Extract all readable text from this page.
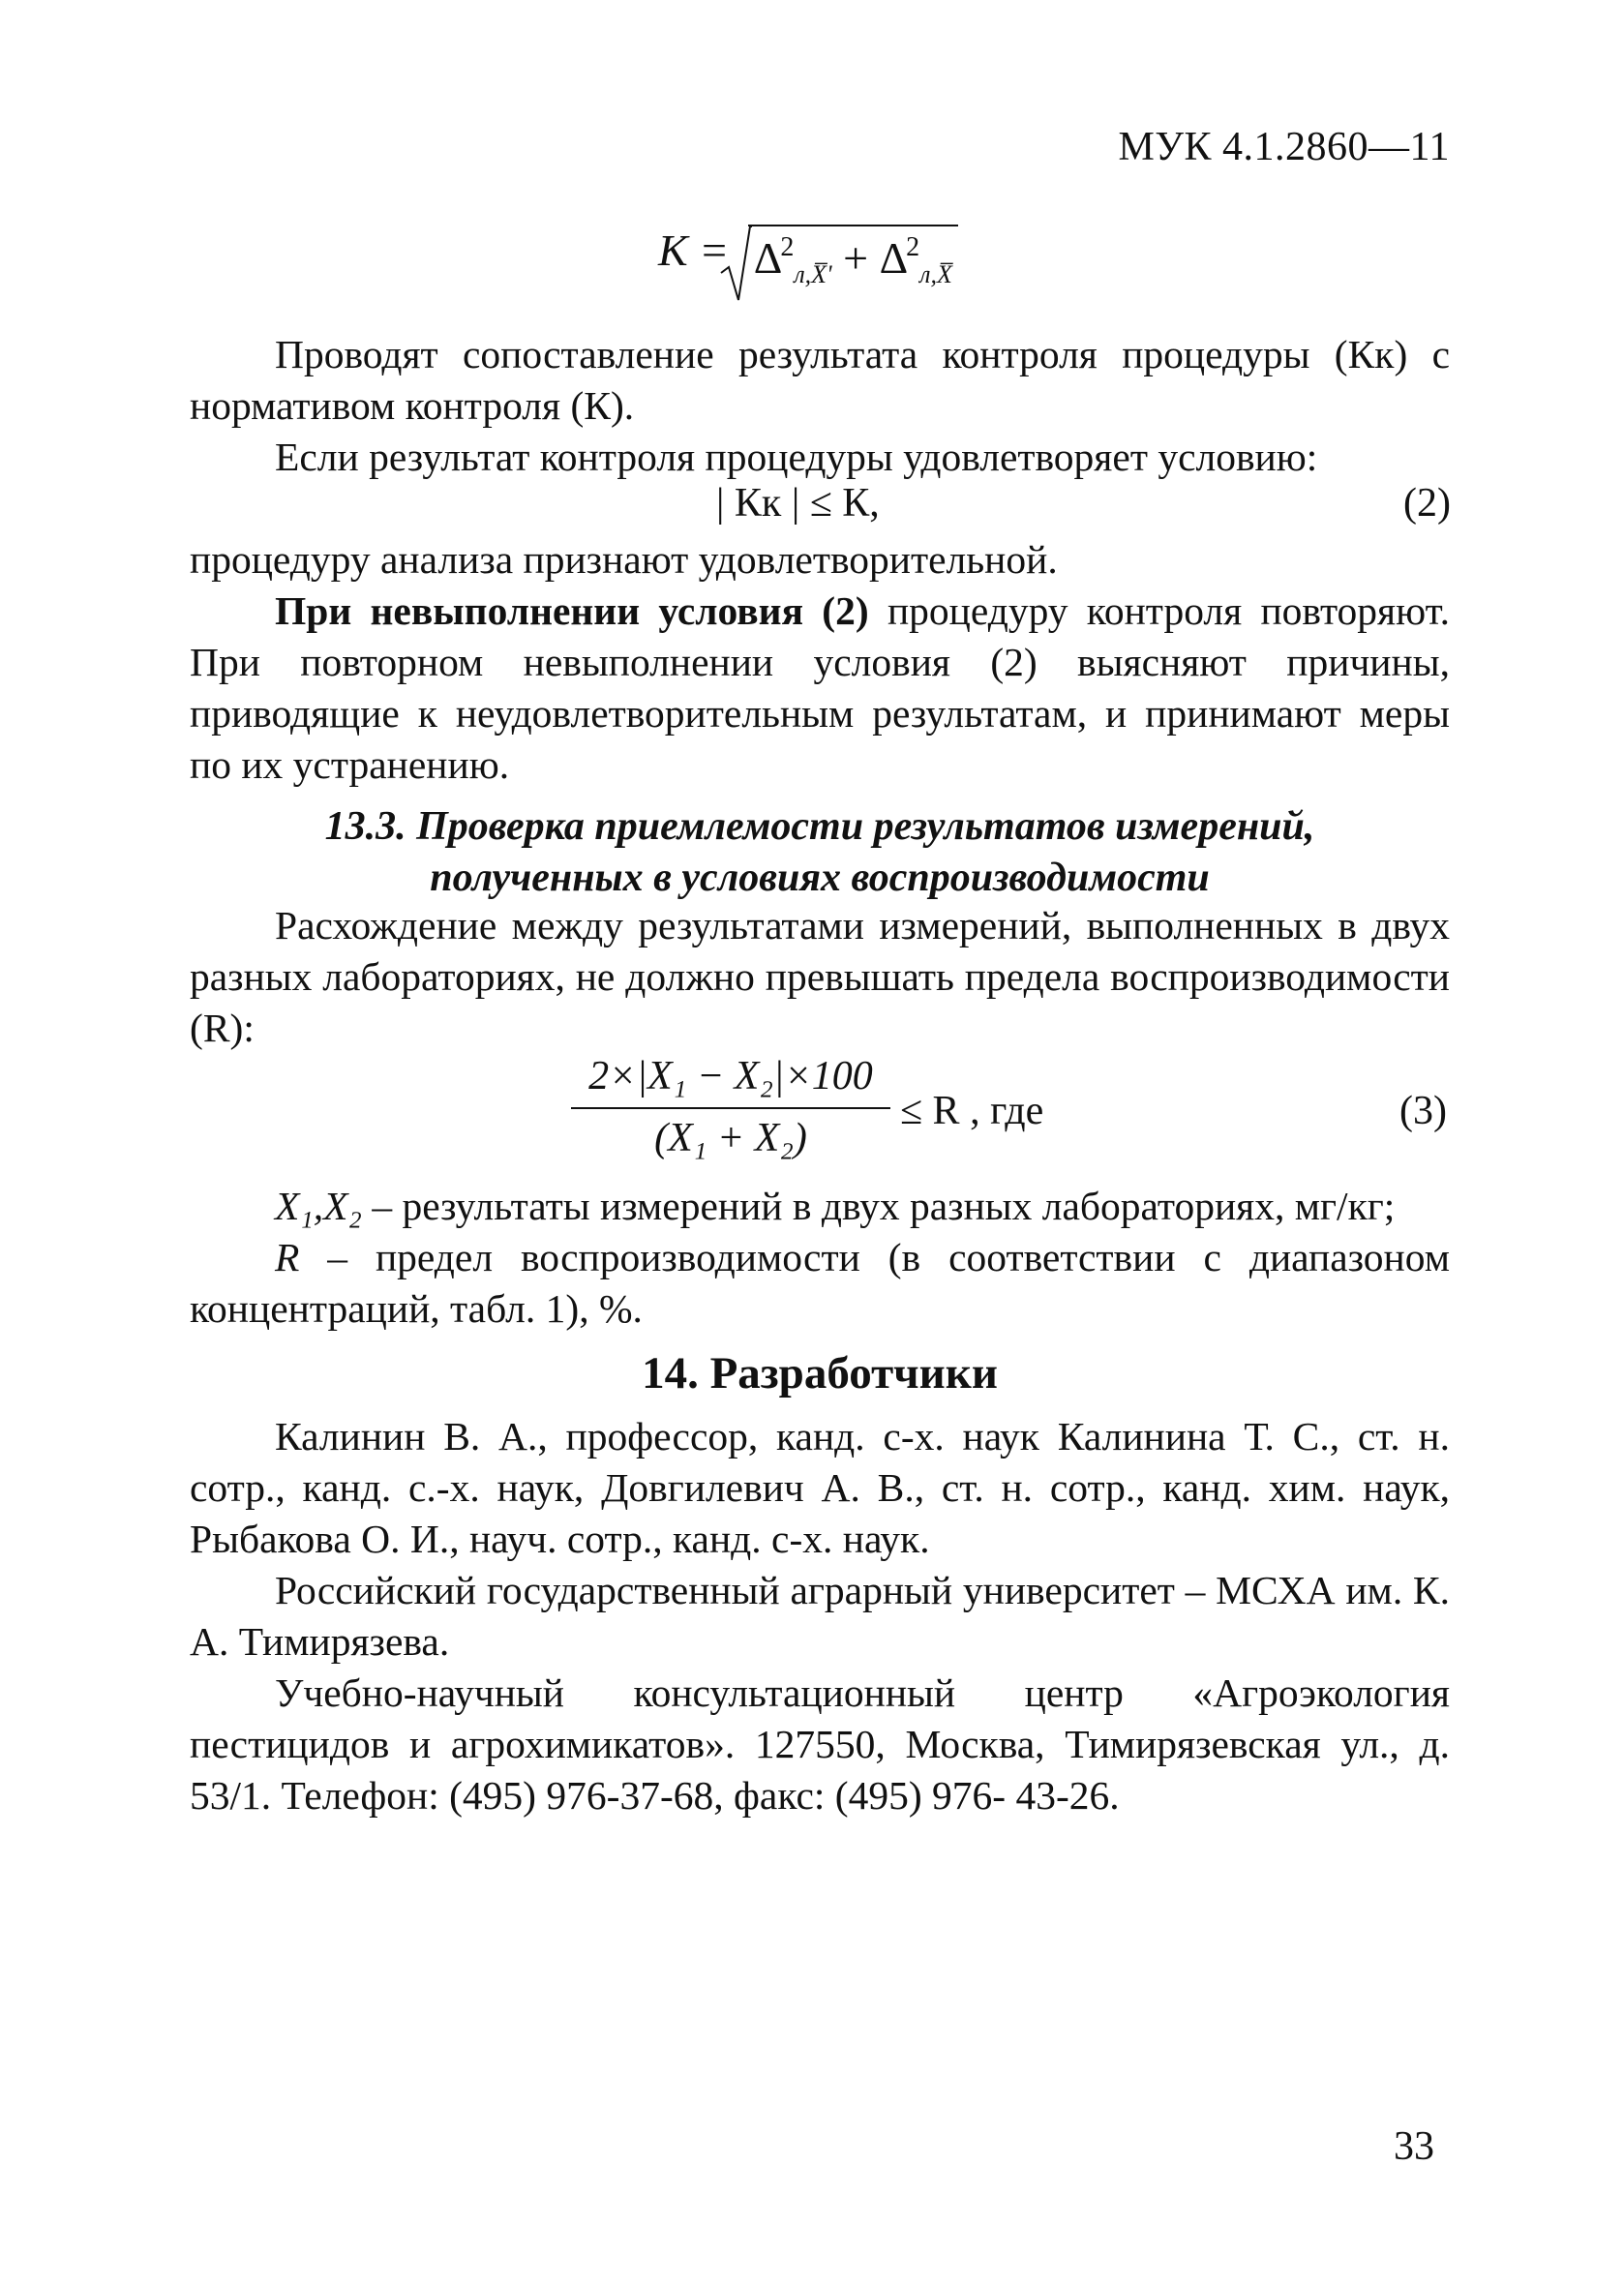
МУК 4.1.2860—11
$K = \Delta^2_{л,X̅'} + \Delta^2_{л,X̅}$

Проводят сопоставление результата контроля процедуры (Кк) с нормативом контроля (К).

Если результат контроля процедуры удовлетворяет условию:

| Кк | ≤ К,	(2)

процедуру анализа признают удовлетворительной.

При невыполнении условия (2) процедуру контроля повторяют. При повторном невыполнении условия (2) выясняют причины, приводящие к неудовлетворительным результатам, и принимают меры по их устранению.

13.3. Проверка приемлемости результатов измерений,
полученных в условиях воспроизводимости

Расхождение между результатами измерений, выполненных в двух разных лабораториях, не должно превышать предела воспроизводимости (R):

$\frac{\text{2×|X₁ − X₂|×100}}{\text{(X₁ + X₂)}} \le R$ , где	(3)

X₁,X₂ – результаты измерений в двух разных лабораториях, мг/кг;

R – предел воспроизводимости (в соответствии с диапазоном концентраций, табл. 1), %.

14. Разработчики

Калинин В. А., профессор, канд. с-х. наук Калинина Т. С., ст. н. сотр., канд. с.-х. наук, Довгилевич А. В., ст. н. сотр., канд. хим. наук, Рыбакова О. И., науч. сотр., канд. с-х. наук.

Российский государственный аграрный университет – МСХА им. К. А. Тимирязева.

Учебно-научный консультационный центр «Агроэкология пестицидов и агрохимикатов». 127550, Москва, Тимирязевская ул., д. 53/1. Телефон: (495) 976-37-68, факс: (495) 976- 43-26.

33
